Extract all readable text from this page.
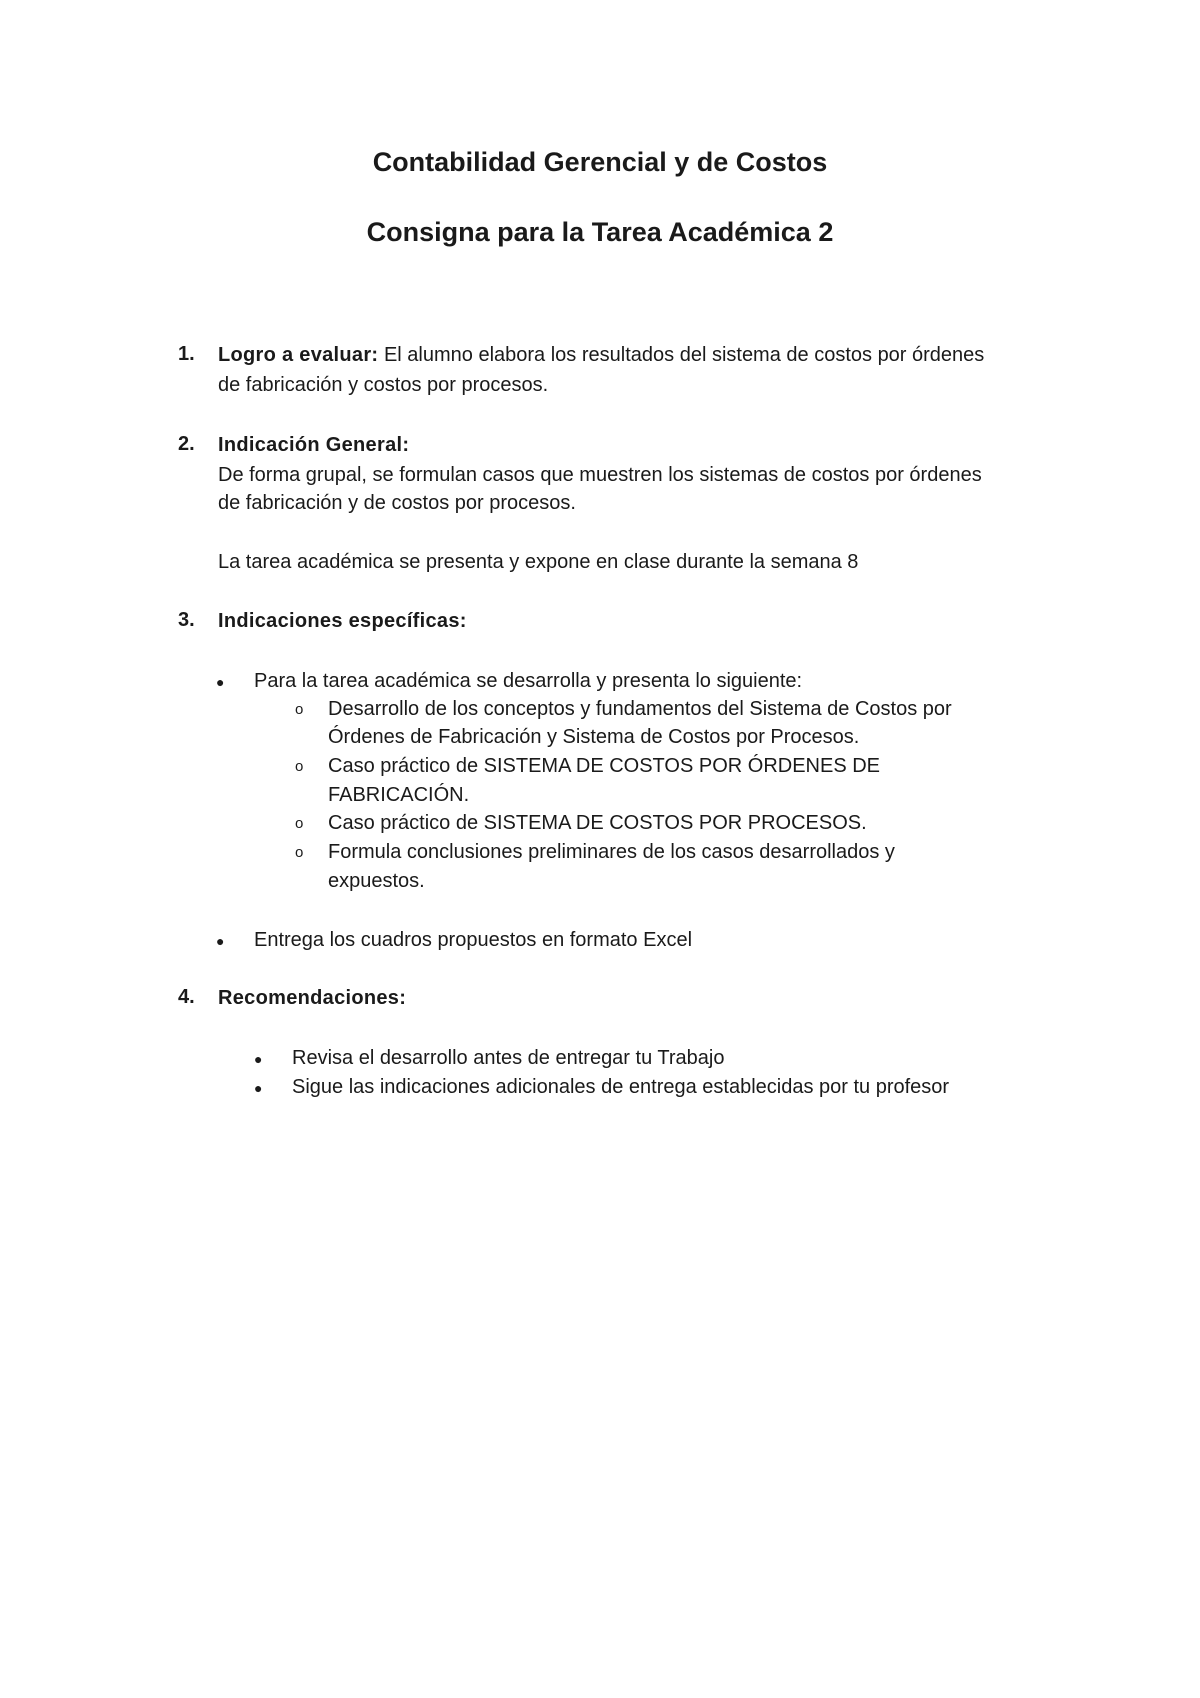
Contabilidad Gerencial y de Costos
Consigna para la Tarea Académica 2
1. Logro a evaluar: El alumno elabora los resultados del sistema de costos por órdenes
de fabricación y costos por procesos.
2. Indicación General:
De forma grupal, se formulan casos que muestren los sistemas de costos por órdenes
de fabricación y de costos por procesos.
La tarea académica se presenta y expone en clase durante la semana 8
3. Indicaciones específicas:
● Para la tarea académica se desarrolla y presenta lo siguiente:
o Desarrollo de los conceptos y fundamentos del Sistema de Costos por
Órdenes de Fabricación y Sistema de Costos por Procesos.
o Caso práctico de SISTEMA DE COSTOS POR ÓRDENES DE
FABRICACIÓN.
o Caso práctico de SISTEMA DE COSTOS POR PROCESOS.
o Formula conclusiones preliminares de los casos desarrollados y
expuestos.
● Entrega los cuadros propuestos en formato Excel
4. Recomendaciones:
● Revisa el desarrollo antes de entregar tu Trabajo
● Sigue las indicaciones adicionales de entrega establecidas por tu profesor
